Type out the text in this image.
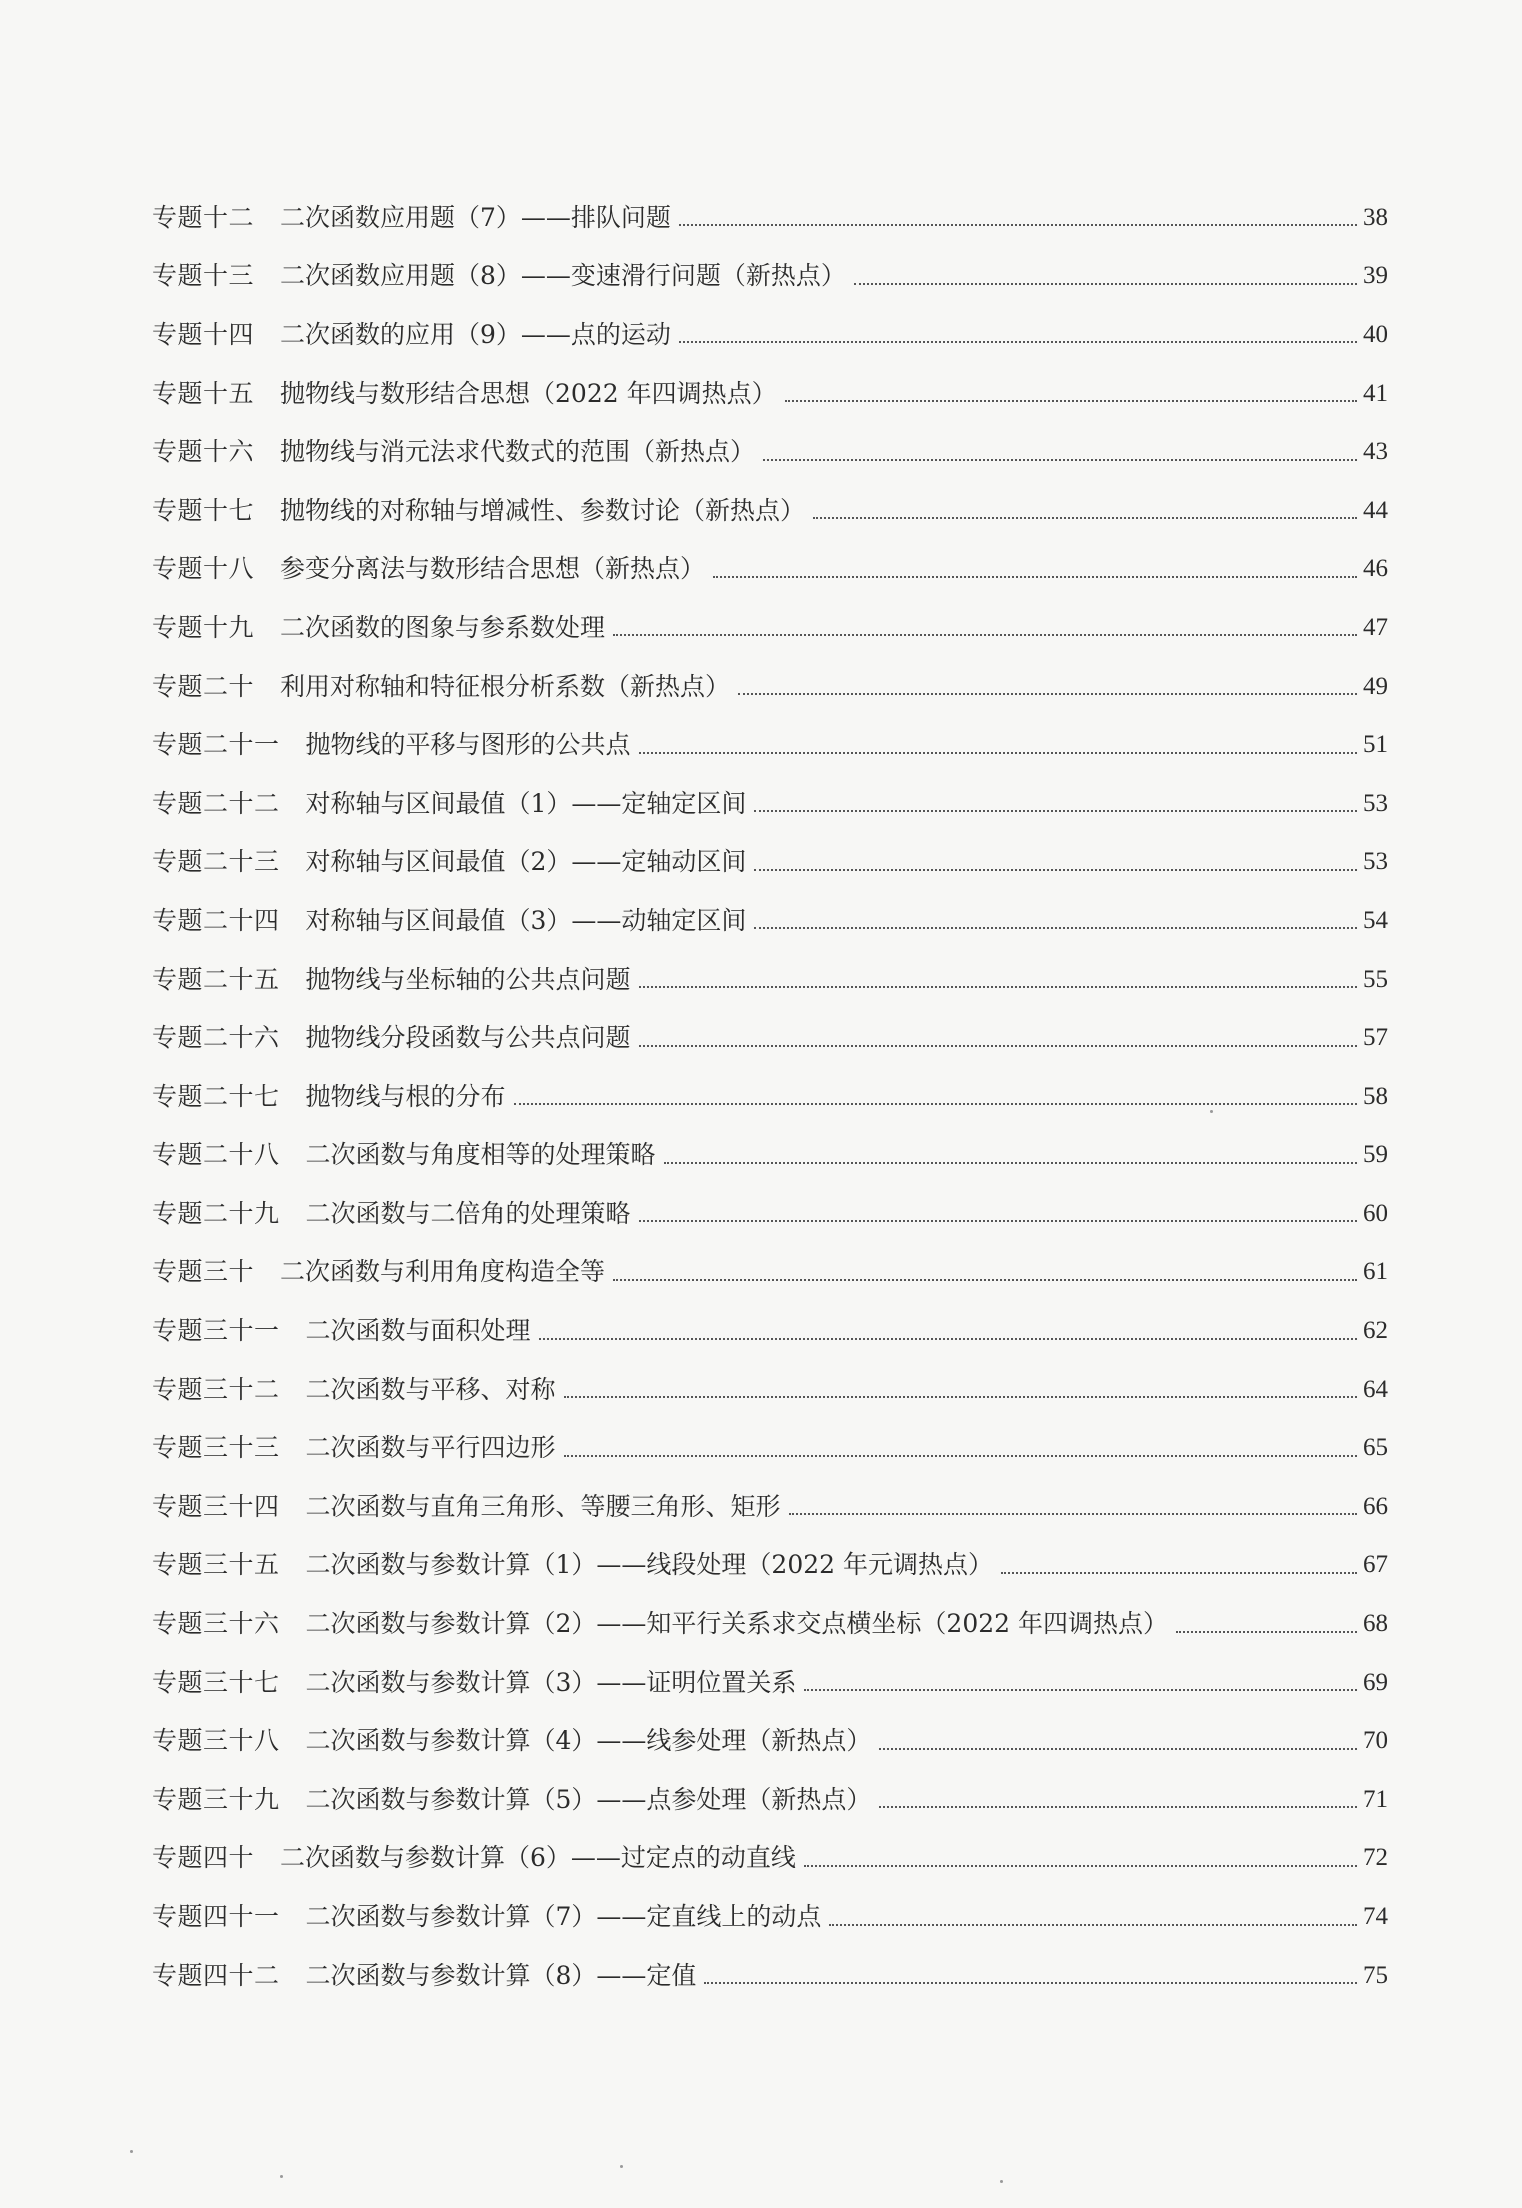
专题十二 二次函数应用题（7）——排队问题	38
专题十三 二次函数应用题（8）——变速滑行问题（新热点）	39
专题十四 二次函数的应用（9）——点的运动	40
专题十五 抛物线与数形结合思想（2022 年四调热点）	41
专题十六 抛物线与消元法求代数式的范围（新热点）	43
专题十七 抛物线的对称轴与增减性、参数讨论（新热点）	44
专题十八 参变分离法与数形结合思想（新热点）	46
专题十九 二次函数的图象与参系数处理	47
专题二十 利用对称轴和特征根分析系数（新热点）	49
专题二十一 抛物线的平移与图形的公共点	51
专题二十二 对称轴与区间最值（1）——定轴定区间	53
专题二十三 对称轴与区间最值（2）——定轴动区间	53
专题二十四 对称轴与区间最值（3）——动轴定区间	54
专题二十五 抛物线与坐标轴的公共点问题	55
专题二十六 抛物线分段函数与公共点问题	57
专题二十七 抛物线与根的分布	58
专题二十八 二次函数与角度相等的处理策略	59
专题二十九 二次函数与二倍角的处理策略	60
专题三十 二次函数与利用角度构造全等	61
专题三十一 二次函数与面积处理	62
专题三十二 二次函数与平移、对称	64
专题三十三 二次函数与平行四边形	65
专题三十四 二次函数与直角三角形、等腰三角形、矩形	66
专题三十五 二次函数与参数计算（1）——线段处理（2022 年元调热点）	67
专题三十六 二次函数与参数计算（2）——知平行关系求交点横坐标（2022 年四调热点）	68
专题三十七 二次函数与参数计算（3）——证明位置关系	69
专题三十八 二次函数与参数计算（4）——线参处理（新热点）	70
专题三十九 二次函数与参数计算（5）——点参处理（新热点）	71
专题四十 二次函数与参数计算（6）——过定点的动直线	72
专题四十一 二次函数与参数计算（7）——定直线上的动点	74
专题四十二 二次函数与参数计算（8）——定值	75
